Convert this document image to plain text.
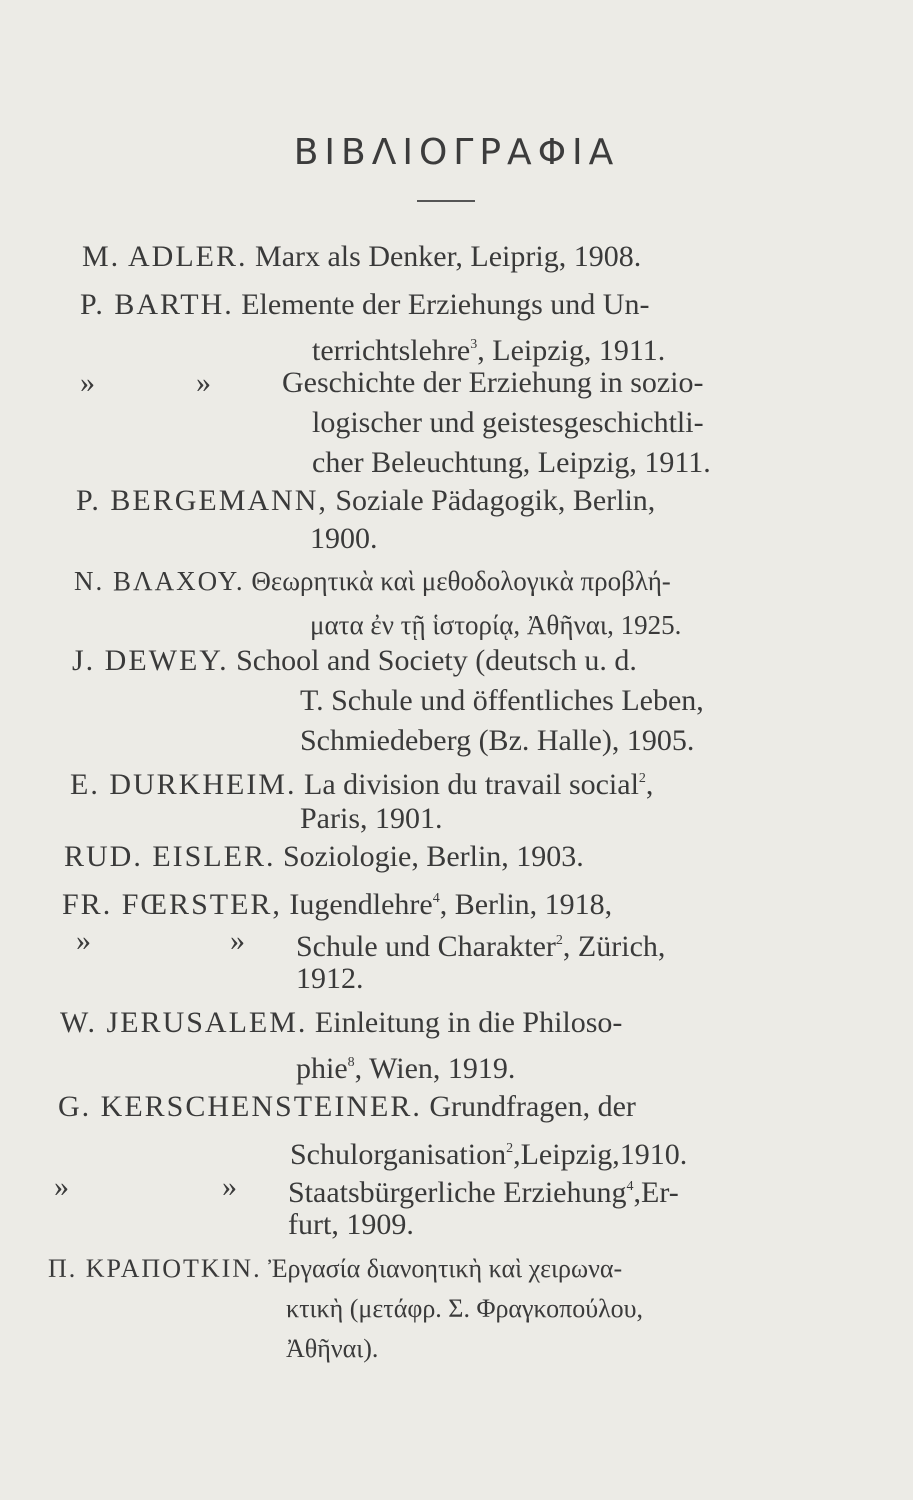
ΒΙΒΛΙΟΓΡΑΦΙΑ
M. ADLER. Marx als Denker, Leiprig, 1908.
P. BARTH. Elemente der Erziehungs und Un-
terrichtslehre$^3$, Leipzig, 1911.
»	» Geschichte der Erziehung in sozio-
logischer und geistesgeschichtli-
cher Beleuchtung, Leipzig, 1911.
P. BERGEMANN, Soziale Pädagogik, Berlin,
1900.
N. ΒΛΑΧΟΥ. Θεωρητικὰ καὶ μεθοδολογικὰ προβλή-
ματα ἐν τῇ ἱστορίᾳ, Ἀθῆναι, 1925.
J. DEWEY. School and Society (deutsch u. d.
T. Schule und öffentliches Leben,
Schmiedeberg (Bz. Halle), 1905.
E. DURKHEIM. La division du travail social$^2$,
Paris, 1901.
RUD. EISLER. Soziologie, Berlin, 1903.
FR. FŒRSTER, Iugendlehre$^4$, Berlin, 1918,
»	» Schule und Charakter$^2$, Zürich,
1912.
W. JERUSALEM. Einleitung in die Philoso-
phie$^8$, Wien, 1919.
G. KERSCHENSTEINER. Grundfragen, der
Schulorganisation$^2$,Leipzig,1910.
»	» Staatsbürgerliche Erziehung$^4$,Er-
furt, 1909.
Π. ΚΡΑΠΟΤΚΙΝ. Ἐργασία διανοητικὴ καὶ χειρωνα-
κτικὴ (μετάφρ. Σ. Φραγκοπούλου,
Ἀθῆναι).
